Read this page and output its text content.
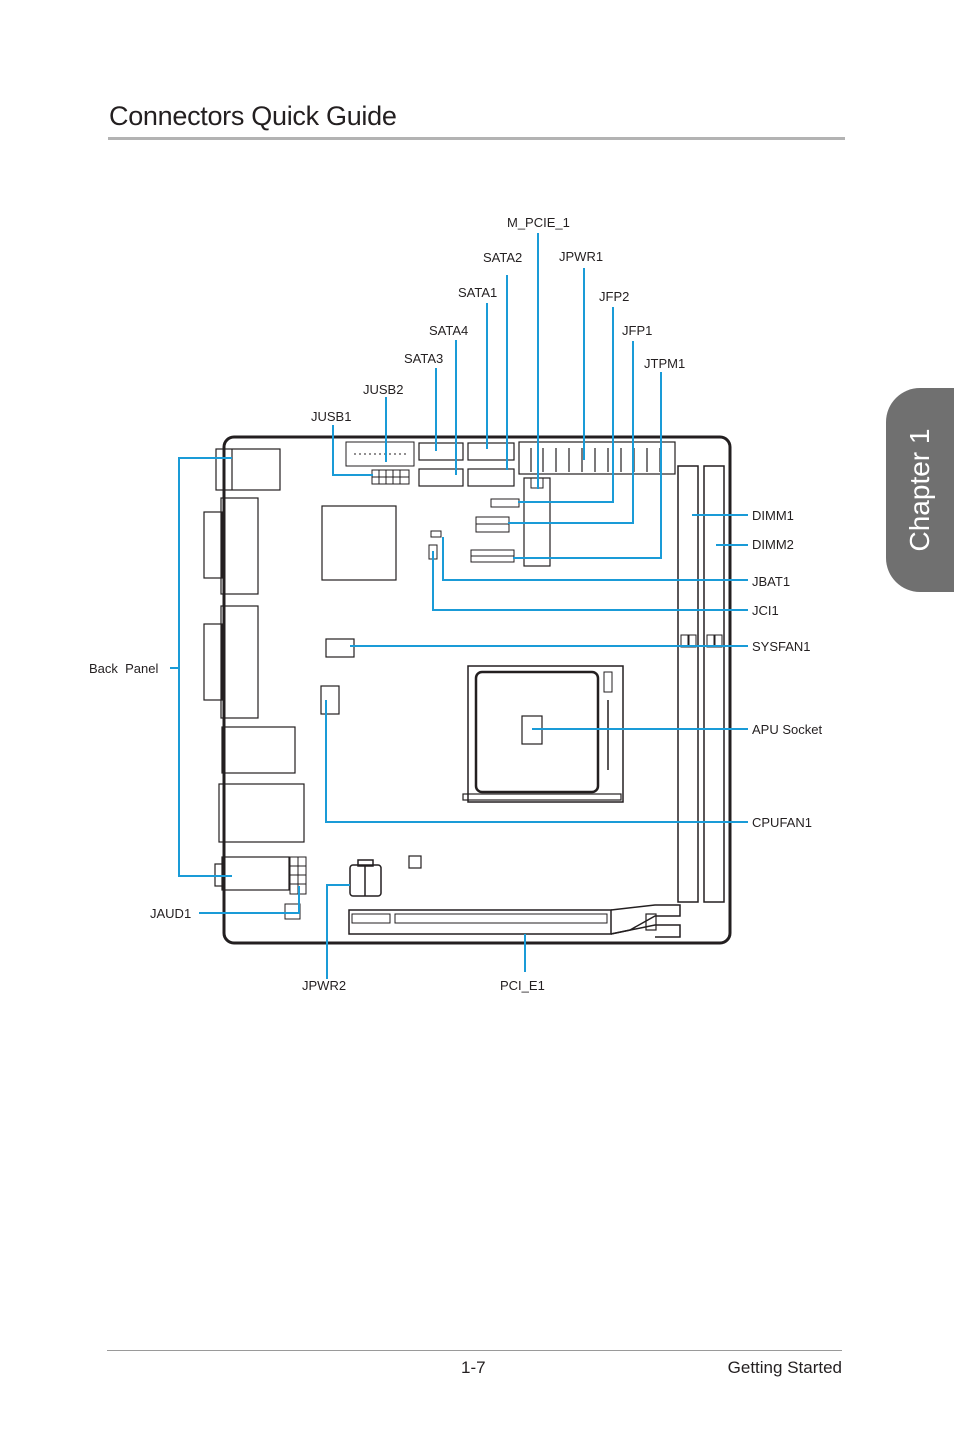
Connectors Quick Guide
Chapter 1
M_PCIE_1
SATA2	JPWR1
SATA1	JFP2
SATA4	JFP1
SATA3	JTPM1
JUSB2
JUSB1
DIMM1
DIMM2
JBAT1
JCI1
SYSFAN1
Back  Panel
APU Socket
CPUFAN1
JAUD1
JPWR2	PCI_E1
1-7	Getting Started
